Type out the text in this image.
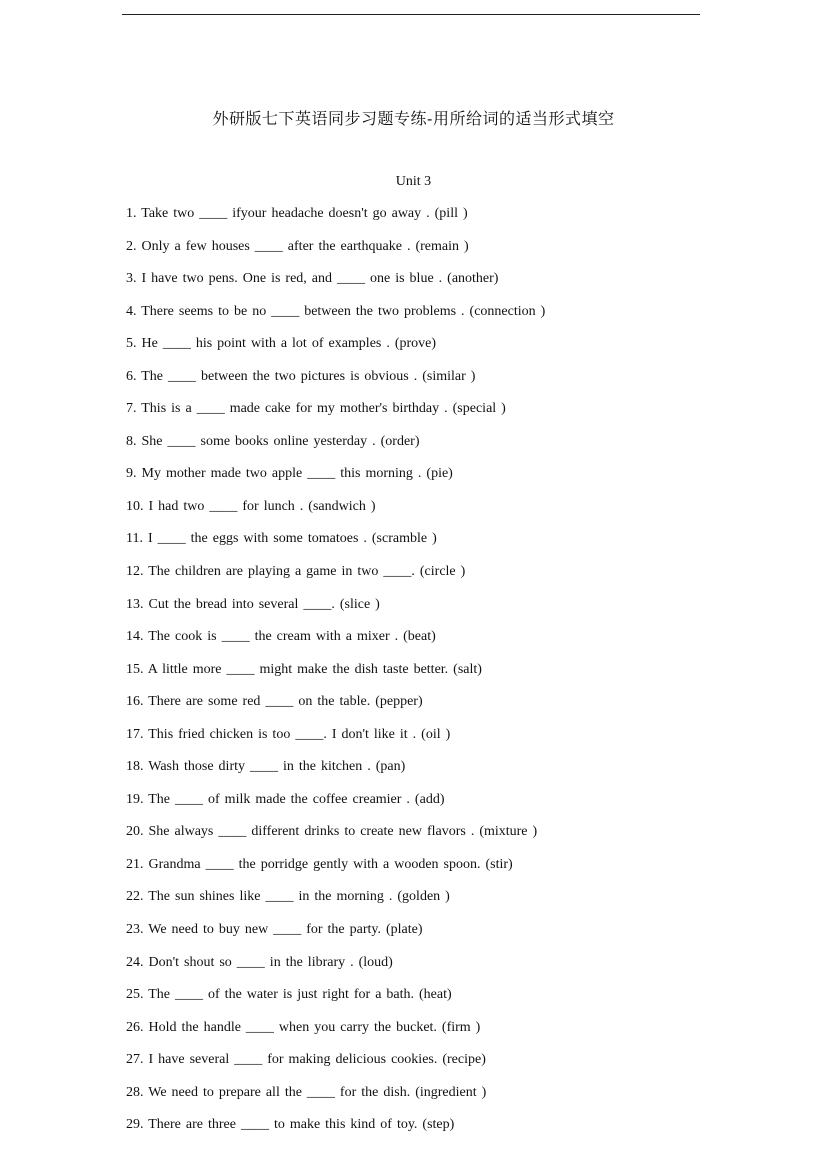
外研版七下英语同步习题专练-用所给词的适当形式填空
Unit 3
1. Take two ____ ifyour headache doesn't go away . (pill )
2. Only a few houses ____ after the earthquake . (remain )
3. I have two pens. One is red, and ____ one is blue . (another)
4. There seems to be no ____ between the two problems . (connection )
5. He ____ his point with a lot of examples . (prove)
6. The ____ between the two pictures is obvious . (similar )
7. This is a ____ made cake for my mother's birthday . (special )
8. She ____ some books online yesterday . (order)
9. My mother made two apple ____ this morning . (pie)
10. I had two ____ for lunch . (sandwich )
11. I ____ the eggs with some tomatoes . (scramble )
12. The children are playing a game in two ____. (circle )
13. Cut the bread into several ____. (slice )
14. The cook is ____ the cream with a mixer . (beat)
15. A little more ____ might make the dish taste better. (salt)
16. There are some red ____ on the table. (pepper)
17. This fried chicken is too ____. I don't like it . (oil )
18. Wash those dirty ____ in the kitchen . (pan)
19. The ____ of milk made the coffee creamier . (add)
20. She always ____ different drinks to create new flavors . (mixture )
21. Grandma ____ the porridge gently with a wooden spoon. (stir)
22. The sun shines like ____ in the morning . (golden )
23. We need to buy new ____ for the party. (plate)
24. Don't shout so ____ in the library . (loud)
25. The ____ of the water is just right for a bath. (heat)
26. Hold the handle ____ when you carry the bucket. (firm )
27. I have several ____ for making delicious cookies. (recipe)
28. We need to prepare all the ____ for the dish. (ingredient )
29. There are three ____ to make this kind of toy. (step)
